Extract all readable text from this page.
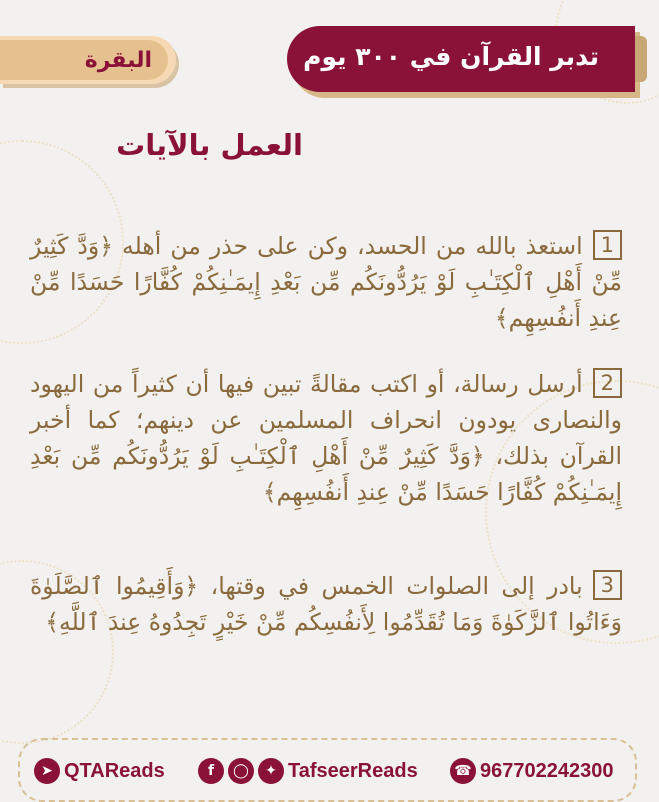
البقرة	تدبر القرآن في ٣٠٠ يوم
العمل بالآيات
1استعذ بالله من الحسد، وكن على حذر من أهله ﴿وَدَّ كَثِيرٌ مِّنْ أَهْلِ ٱلْكِتَـٰبِ لَوْ يَرُدُّونَكُم مِّن بَعْدِ إِيمَـٰنِكُمْ كُفَّارًا حَسَدًا مِّنْ عِندِ أَنفُسِهِم﴾
2أرسل رسالة، أو اكتب مقالةً تبين فيها أن كثيراً من اليهود والنصارى يودون انحراف المسلمين عن دينهم؛ كما أخبر القرآن بذلك، ﴿وَدَّ كَثِيرٌ مِّنْ أَهْلِ ٱلْكِتَـٰبِ لَوْ يَرُدُّونَكُم مِّن بَعْدِ إِيمَـٰنِكُمْ كُفَّارًا حَسَدًا مِّنْ عِندِ أَنفُسِهِم﴾
3بادر إلى الصلوات الخمس في وقتها، ﴿وَأَقِيمُوا ٱلصَّلَوٰةَ وَءَاتُوا ٱلزَّكَوٰةَ وَمَا تُقَدِّمُوا لِأَنفُسِكُم مِّنْ خَيْرٍ تَجِدُوهُ عِندَ ٱللَّهِ﴾
➤ QTAReads	f	◯	✦ TafseerReads	☎ 967702242300
